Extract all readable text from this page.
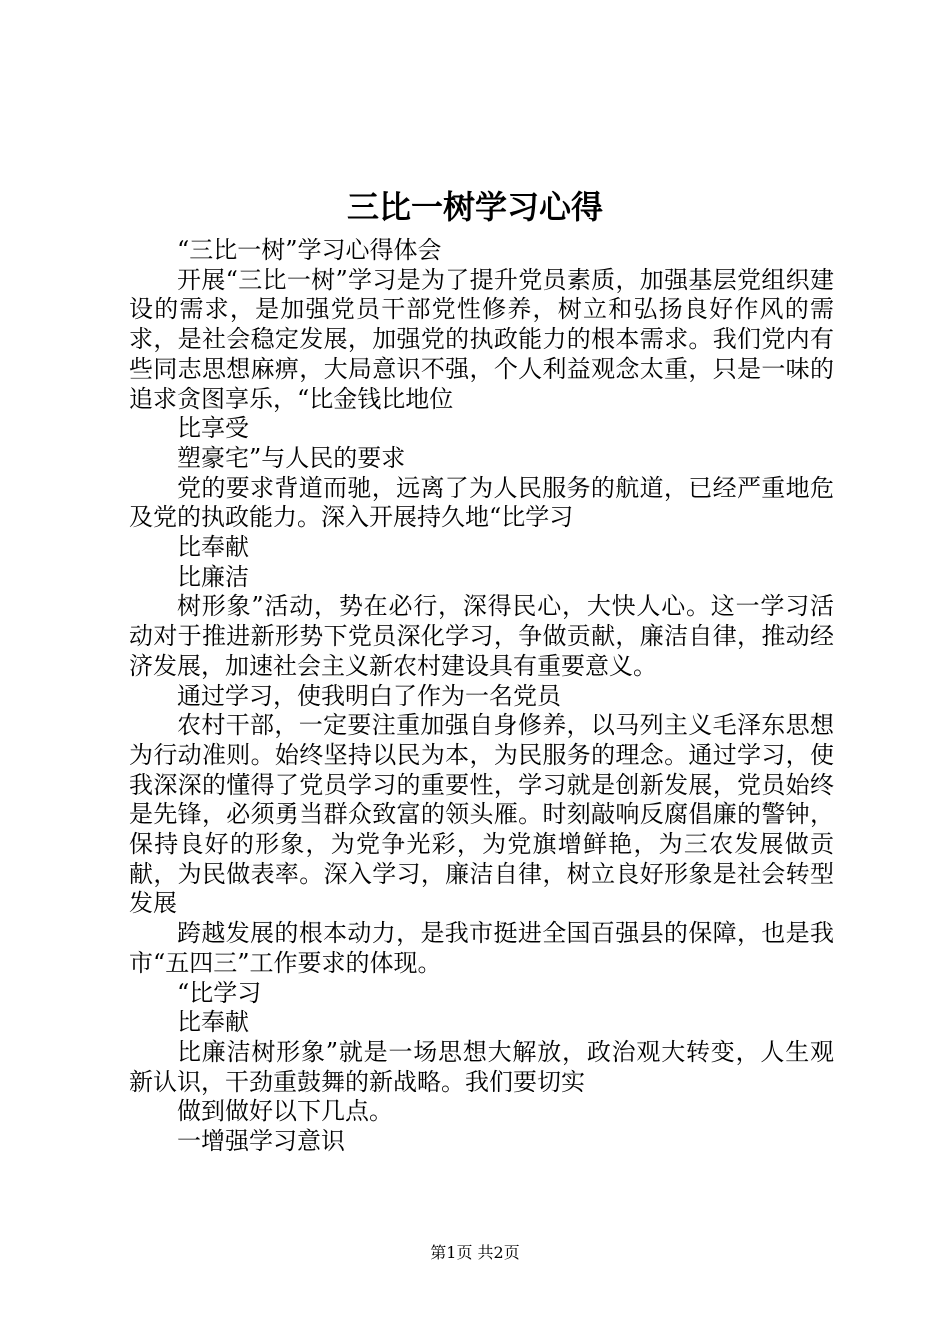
三比一树学习心得

“三比一树”学习心得体会

开展“三比一树”学习是为了提升党员素质，加强基层党组织建设的需求，是加强党员干部党性修养，树立和弘扬良好作风的需求，是社会稳定发展，加强党的执政能力的根本需求。我们党内有些同志思想麻痹，大局意识不强，个人利益观念太重，只是一味的追求贪图享乐，“比金钱比地位

比享受

塑豪宅”与人民的要求

党的要求背道而驰，远离了为人民服务的航道，已经严重地危及党的执政能力。深入开展持久地“比学习

比奉献

比廉洁

树形象”活动，势在必行，深得民心，大快人心。这一学习活动对于推进新形势下党员深化学习，争做贡献，廉洁自律，推动经济发展，加速社会主义新农村建设具有重要意义。

通过学习，使我明白了作为一名党员

农村干部，一定要注重加强自身修养，以马列主义毛泽东思想为行动准则。始终坚持以民为本，为民服务的理念。通过学习，使我深深的懂得了党员学习的重要性，学习就是创新发展，党员始终是先锋，必须勇当群众致富的领头雁。时刻敲响反腐倡廉的警钟，保持良好的形象，为党争光彩，为党旗增鲜艳，为三农发展做贡献，为民做表率。深入学习，廉洁自律，树立良好形象是社会转型发展

跨越发展的根本动力，是我市挺进全国百强县的保障，也是我市“五四三”工作要求的体现。

“比学习

比奉献

比廉洁树形象”就是一场思想大解放，政治观大转变，人生观新认识，干劲重鼓舞的新战略。我们要切实

做到做好以下几点。

一增强学习意识

第1页 共2页
